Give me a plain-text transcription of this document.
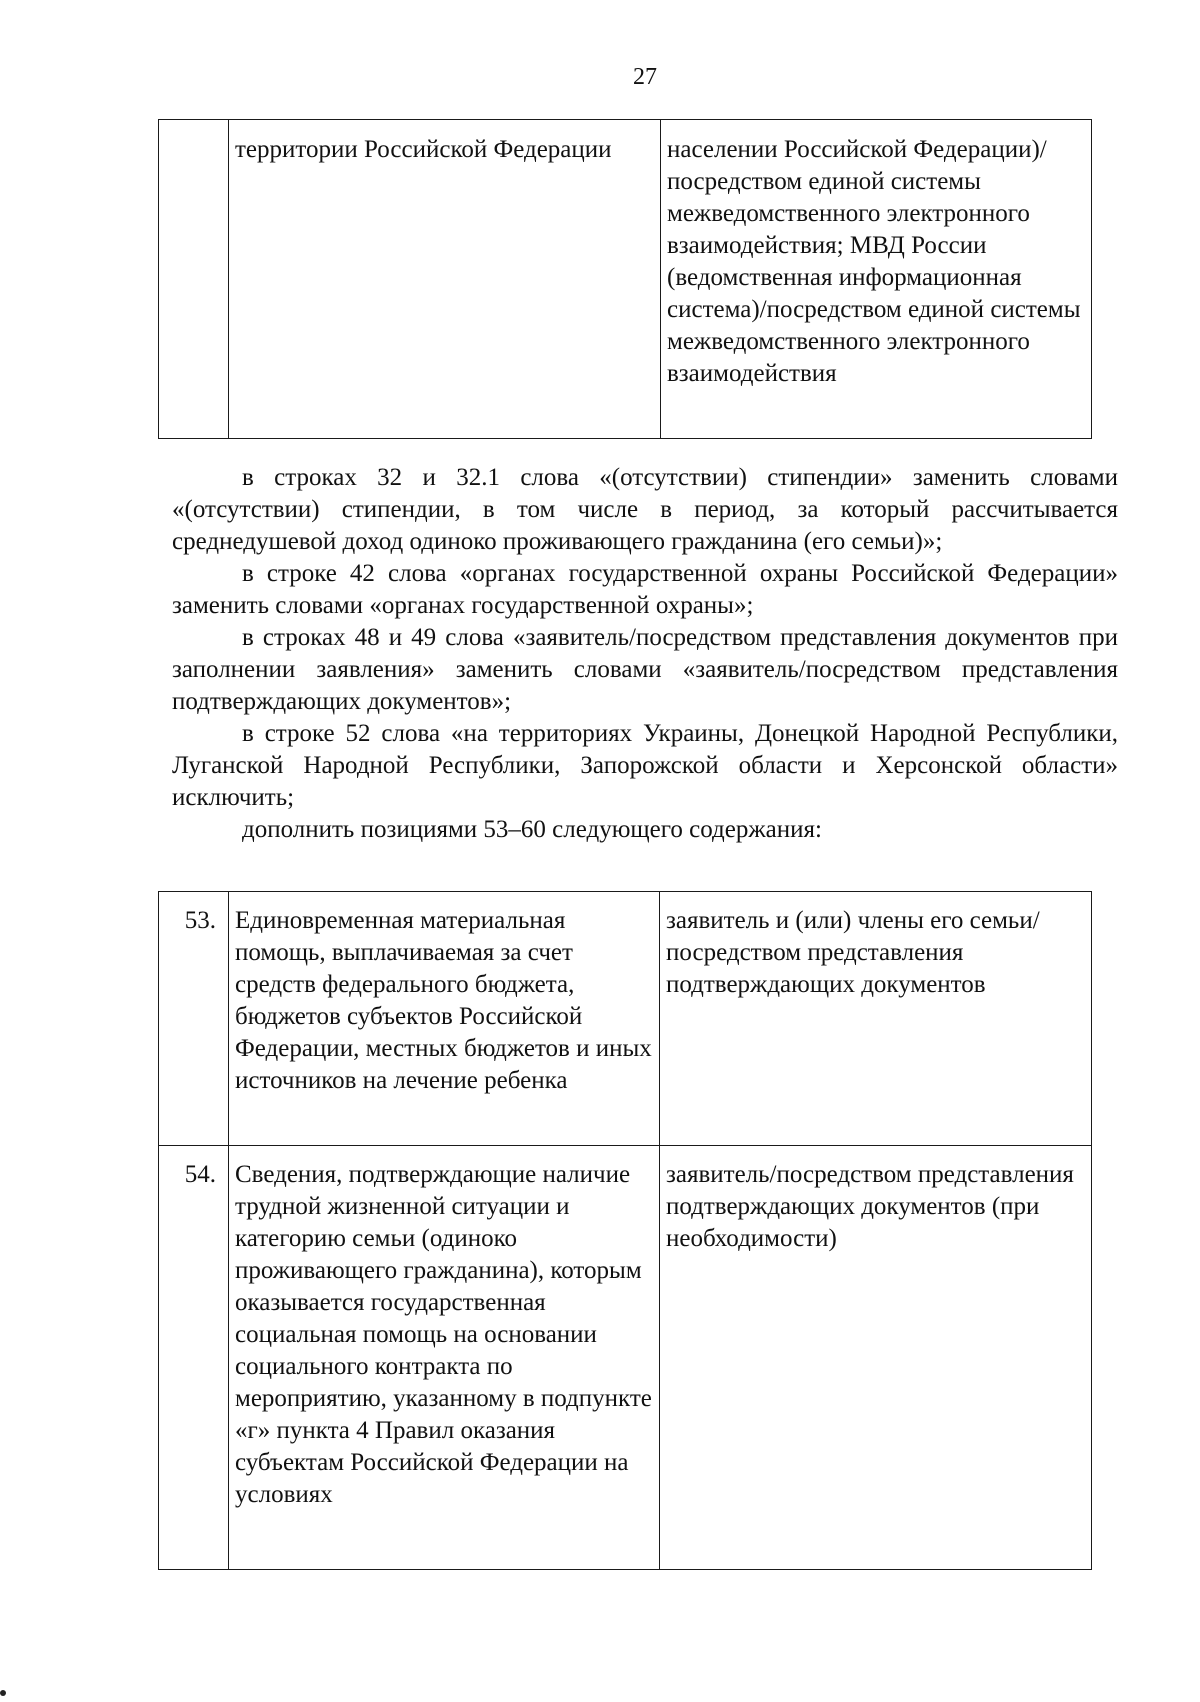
27
	территории Российской Федерации	населении Российской Федерации)/посредством единой системы межведомственного электронного взаимодействия; МВД России (ведомственная информационная система)/посредством единой системы межведомственного электронного взаимодействия

в строках 32 и 32.1 слова «(отсутствии) стипендии» заменить словами «(отсутствии) стипендии, в том числе в период, за который рассчитывается среднедушевой доход одиноко проживающего гражданина (его семьи)»;

в строке 42 слова «органах государственной охраны Российской Федерации» заменить словами «органах государственной охраны»;

в строках 48 и 49 слова «заявитель/посредством представления документов при заполнении заявления» заменить словами «заявитель/посредством представления подтверждающих документов»;

в строке 52 слова «на территориях Украины, Донецкой Народной Республики, Луганской Народной Республики, Запорожской области и Херсонской области» исключить;

дополнить позициями 53–60 следующего содержания:

53.	Единовременная материальная помощь, выплачиваемая за счет средств федерального бюджета, бюджетов субъектов Российской Федерации, местных бюджетов и иных источников на лечение ребенка	заявитель и (или) члены его семьи/посредством представления подтверждающих документов
54.	Сведения, подтверждающие наличие трудной жизненной ситуации и категорию семьи (одиноко проживающего гражданина), которым оказывается государственная социальная помощь на основании социального контракта по мероприятию, указанному в подпункте «г» пункта 4 Правил оказания субъектам Российской Федерации на условиях	заявитель/посредством представления подтверждающих документов (при необходимости)
